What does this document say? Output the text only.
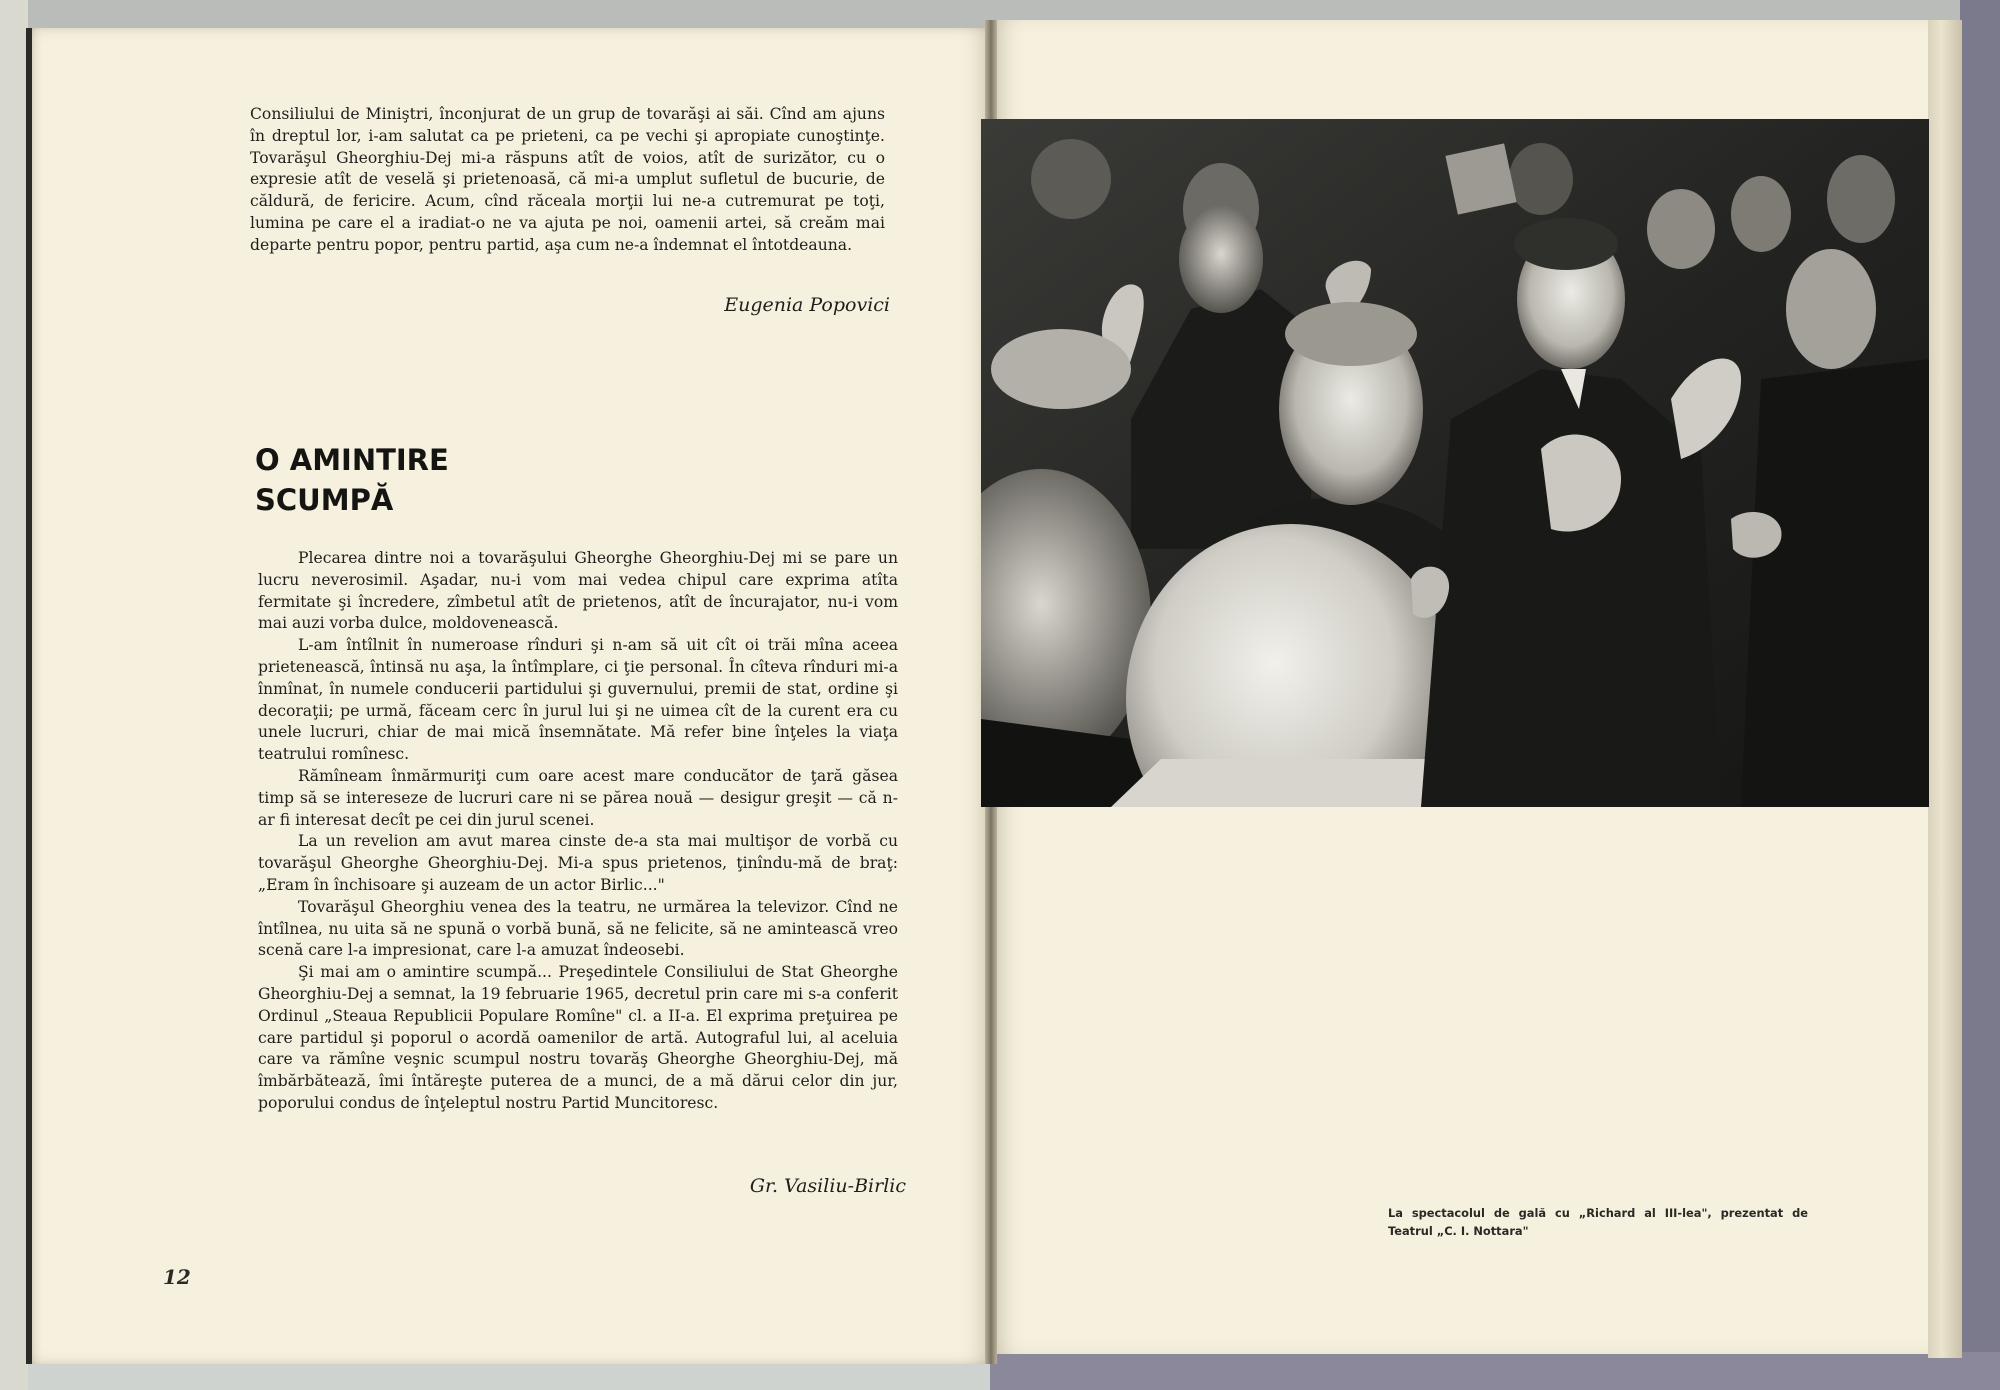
Consiliului de Miniştri, înconjurat de un grup de tovarăşi ai săi. Cînd am ajuns în dreptul lor, i-am salutat ca pe prieteni, ca pe vechi şi apropiate cunoştinţe. Tovarăşul Gheorghiu-Dej mi-a răspuns atît de voios, atît de surizător, cu o expresie atît de veselă şi prietenoasă, că mi-a umplut sufletul de bucurie, de căldură, de fericire. Acum, cînd răceala morţii lui ne-a cutremurat pe toţi, lumina pe care el a iradiat-o ne va ajuta pe noi, oamenii artei, să creăm mai departe pentru popor, pentru partid, aşa cum ne-a îndemnat el întotdeauna.

Eugenia Popovici
O AMINTIRE
SCUMPĂ

Plecarea dintre noi a tovarăşului Gheorghe Gheorghiu-Dej mi se pare un lucru neverosimil. Aşadar, nu-i vom mai vedea chipul care exprima atîta fermitate şi încredere, zîmbetul atît de prietenos, atît de încurajator, nu-i vom mai auzi vorba dulce, moldovenească.

L-am întîlnit în numeroase rînduri şi n-am să uit cît oi trăi mîna aceea prietenească, întinsă nu aşa, la întîmplare, ci ţie personal. În cîteva rînduri mi-a înmînat, în numele conducerii partidului şi guvernului, premii de stat, ordine şi decoraţii; pe urmă, făceam cerc în jurul lui şi ne uimea cît de la curent era cu unele lucruri, chiar de mai mică însemnătate. Mă refer bine înţeles la viaţa teatrului romînesc.

Rămîneam înmărmuriţi cum oare acest mare conducător de ţară găsea timp să se intereseze de lucruri care ni se părea nouă — desigur greşit — că n-ar fi interesat decît pe cei din jurul scenei.

La un revelion am avut marea cinste de-a sta mai multişor de vorbă cu tovarăşul Gheorghe Gheorghiu-Dej. Mi-a spus prietenos, ţinîndu-mă de braţ: „Eram în închisoare şi auzeam de un actor Birlic..."

Tovarăşul Gheorghiu venea des la teatru, ne urmărea la televizor. Cînd ne întîlnea, nu uita să ne spună o vorbă bună, să ne felicite, să ne amintească vreo scenă care l-a impresionat, care l-a amuzat îndeosebi.

Şi mai am o amintire scumpă... Preşedintele Consiliului de Stat Gheorghe Gheorghiu-Dej a semnat, la 19 februarie 1965, decretul prin care mi s-a conferit Ordinul „Steaua Republicii Populare Romîne" cl. a II-a. El exprima preţuirea pe care partidul şi poporul o acordă oamenilor de artă. Autograful lui, al aceluia care va rămîne veşnic scumpul nostru tovarăş Gheorghe Gheorghiu-Dej, mă îmbărbătează, îmi întăreşte puterea de a munci, de a mă dărui celor din jur, poporului condus de înţeleptul nostru Partid Muncitoresc.

Gr. Vasiliu-Birlic
12
La spectacolul de gală cu „Richard al III-lea", prezentat de Teatrul „C. I. Nottara"
